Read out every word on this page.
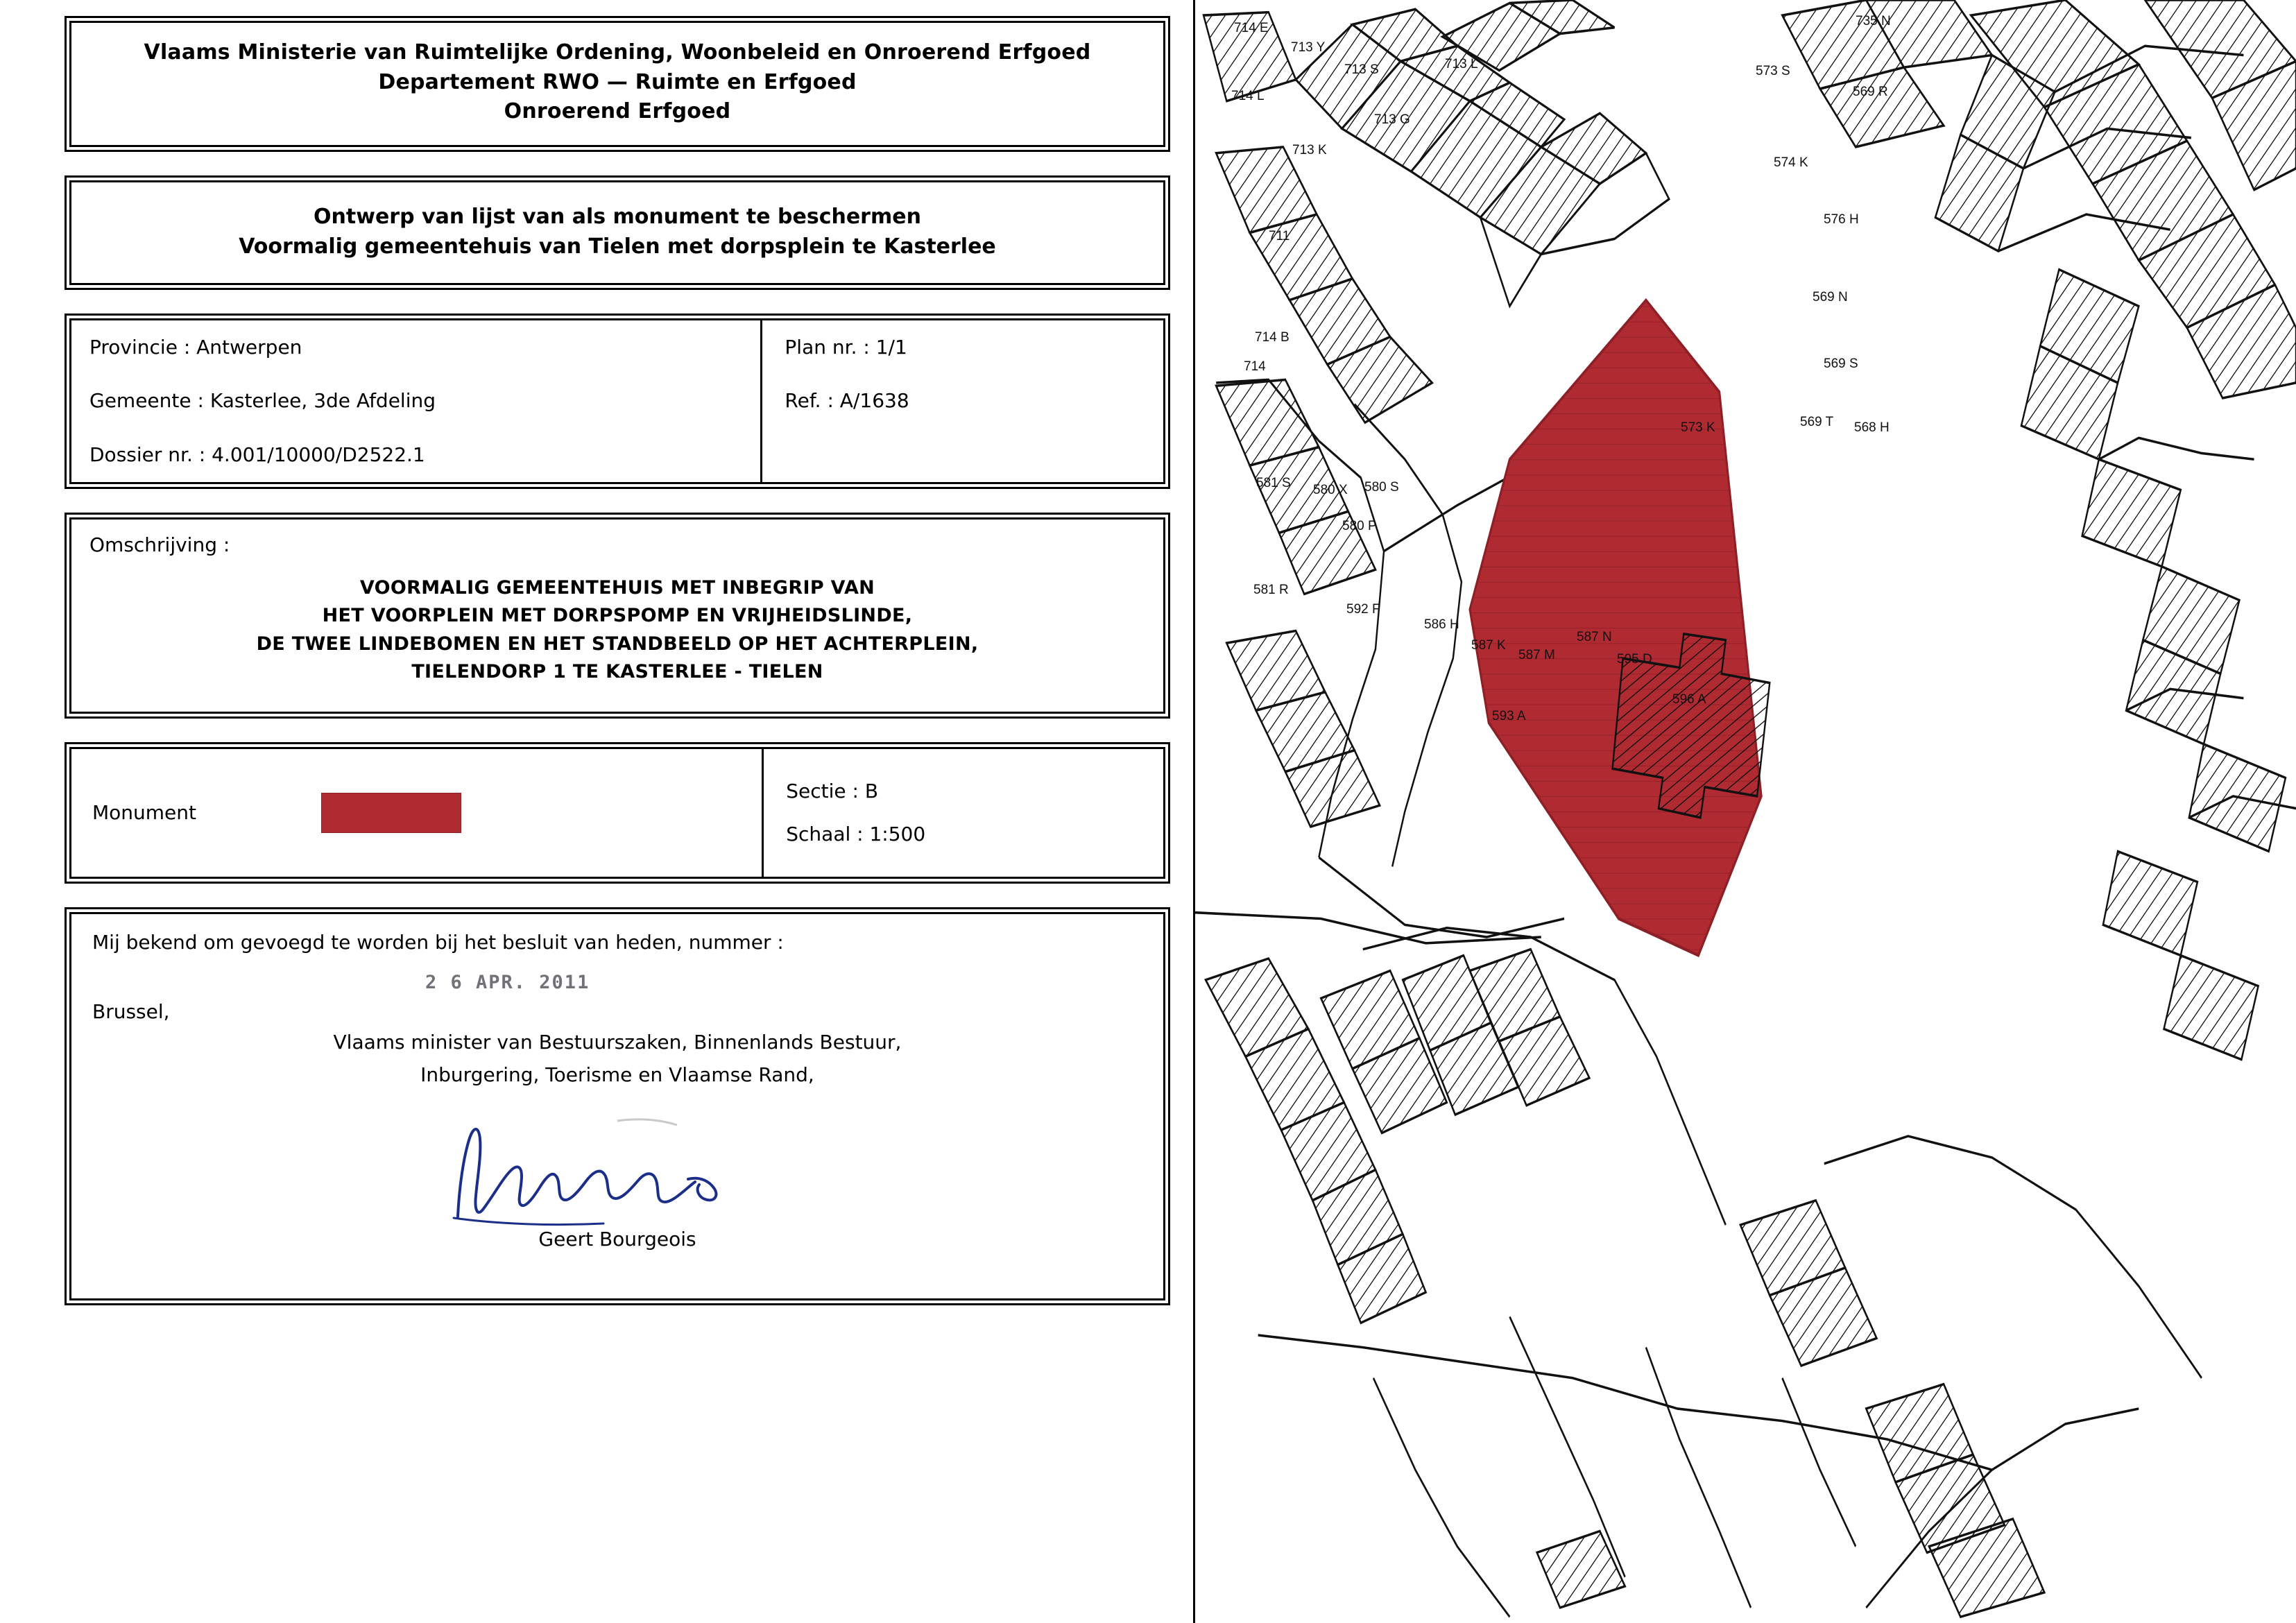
Vlaams Ministerie van Ruimtelijke Ordening, Woonbeleid en Onroerend Erfgoed
Departement RWO — Ruimte en Erfgoed
Onroerend Erfgoed
Ontwerp van lijst van als monument te beschermen
Voormalig gemeentehuis van Tielen met dorpsplein te Kasterlee
Provincie : Antwerpen
Gemeente : Kasterlee, 3de Afdeling
Dossier nr. : 4.001/10000/D2522.1
Plan nr. : 1/1
Ref. : A/1638
Omschrijving :
VOORMALIG GEMEENTEHUIS MET INBEGRIP VAN
HET VOORPLEIN MET DORPSPOMP EN VRIJHEIDSLINDE,
DE TWEE LINDEBOMEN EN HET STANDBEELD OP HET ACHTERPLEIN,
TIELENDORP 1 TE KASTERLEE - TIELEN
Monument
Sectie : B
Schaal : 1:500
Mij bekend om gevoegd te worden bij het besluit van heden, nummer :
2 6 APR. 2011
Brussel,
Vlaams minister van Bestuurszaken, Binnenlands Bestuur,
Inburgering, Toerisme en Vlaamse Rand,
Geert Bourgeois
714 E
713 Y
713 S	713 L
714 L
713 G
713 K
711
714 B
714
573 S
735 N
569 R
574 K
576 H
569 N
569 S
569 T 568 H
573 K
581 S 580 X 580 S
580 P
581 R
592 F
586 H
587 K
587 M
587 N
595 D
596 A
593 A
